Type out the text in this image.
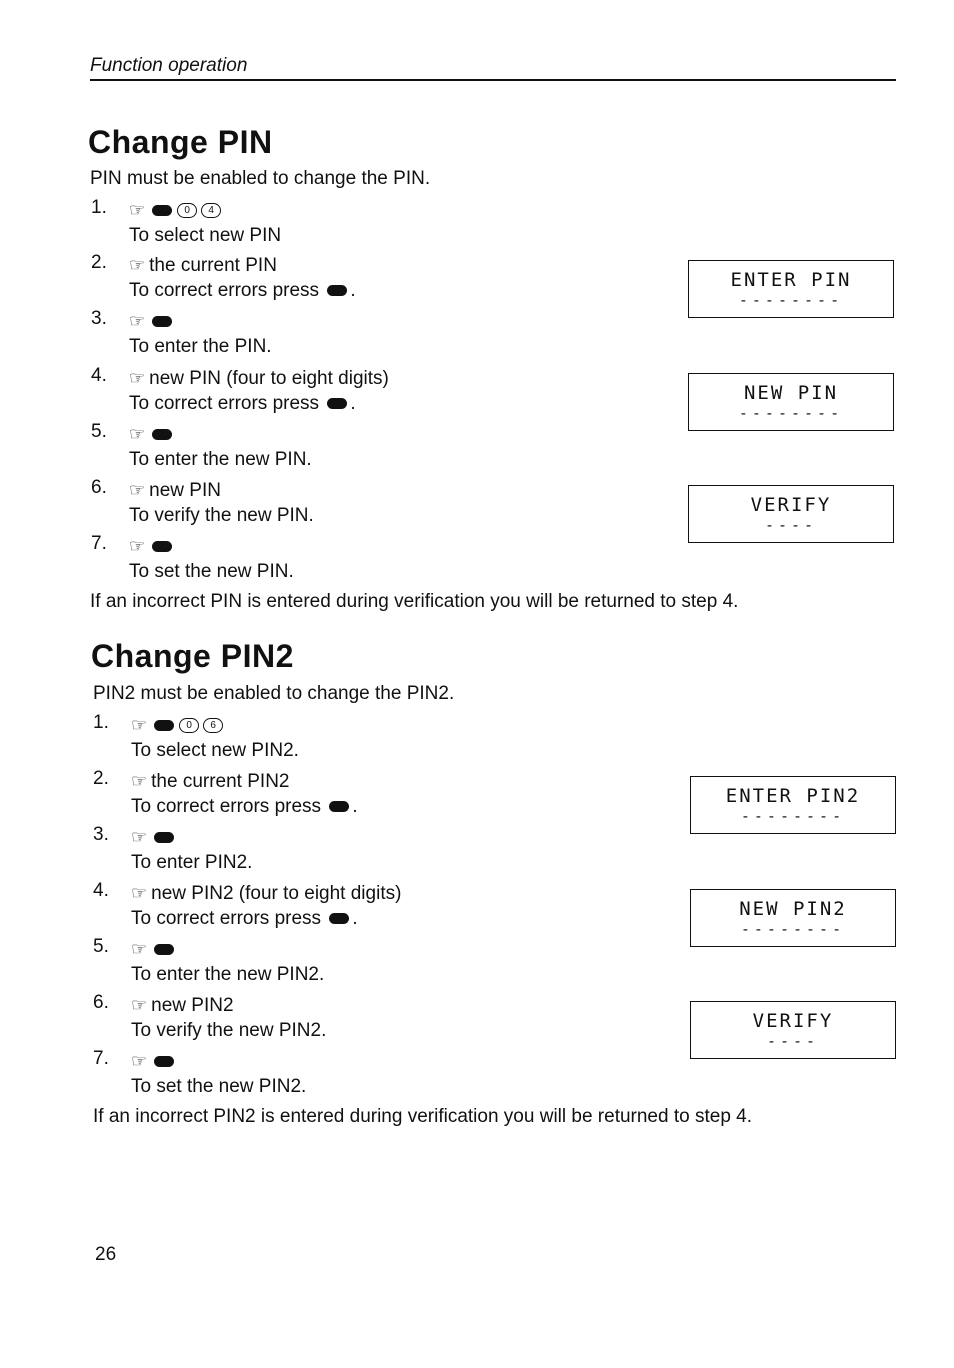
Function operation
Change PIN
PIN must be enabled to change the PIN.
1.	☞	0 4
To select new PIN
2.	☞ the current PIN
To correct errors press .
3.	☞
To enter the PIN.
4.	☞ new PIN (four to eight digits)
To correct errors press .
5.	☞
To enter the new PIN.
6.	☞ new PIN
To verify the new PIN.
7.	☞
To set the new PIN.
If an incorrect PIN is entered during verification you will be returned to step 4.
ENTER PIN
--------
NEW PIN
--------
VERIFY
----
Change PIN2
PIN2 must be enabled to change the PIN2.
1.	☞	0 6
To select new PIN2.
2.	☞ the current PIN2
To correct errors press .
3.	☞
To enter PIN2.
4.	☞ new PIN2 (four to eight digits)
To correct errors press .
5.	☞
To enter the new PIN2.
6.	☞ new PIN2
To verify the new PIN2.
7.	☞
To set the new PIN2.
If an incorrect PIN2 is entered during verification you will be returned to step 4.
ENTER PIN2
--------
NEW PIN2
--------
VERIFY
----
26
